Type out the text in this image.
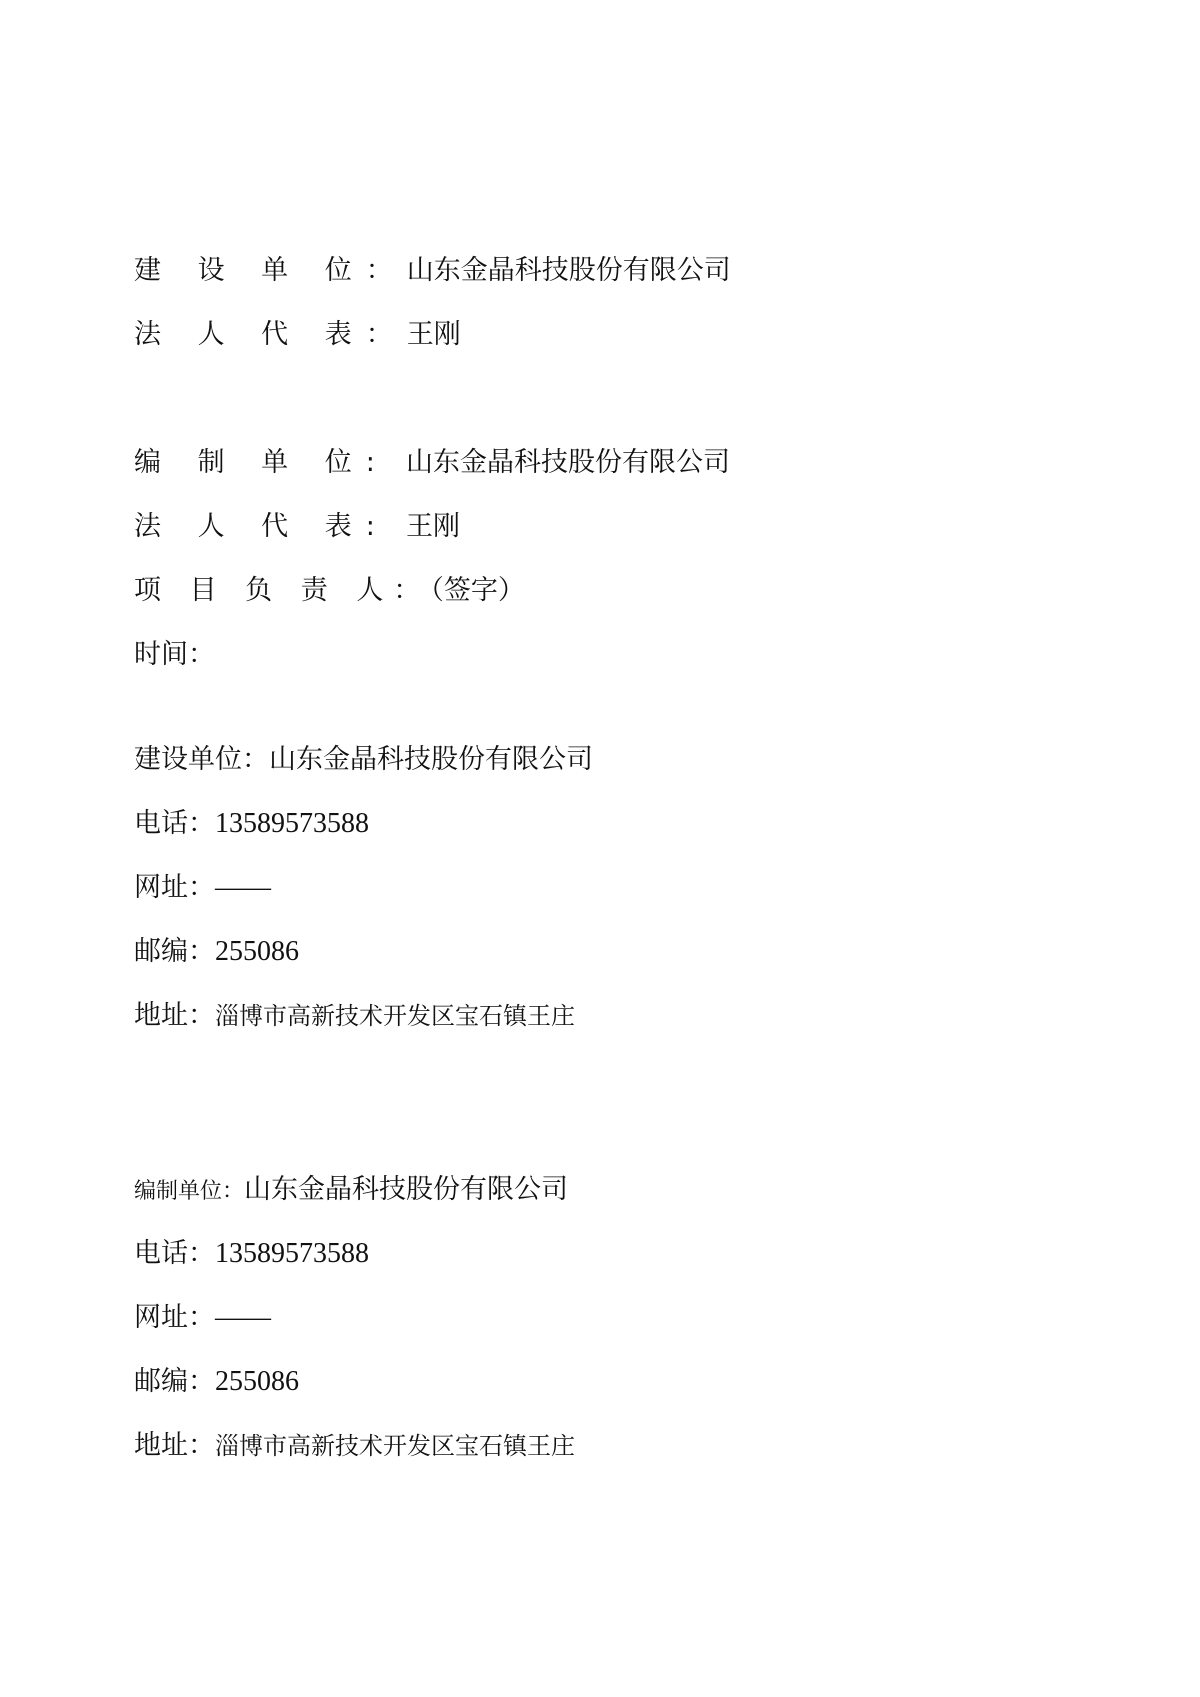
建 设 单 位：山东金晶科技股份有限公司
法 人 代 表：王刚
编 制 单 位: 山东金晶科技股份有限公司
法 人 代 表: 王刚
项 目 负 责 人：（签字）
时间：
建设单位：山东金晶科技股份有限公司
电话：13589573588
网址：——
邮编：255086
地址：淄博市高新技术开发区宝石镇王庄
编制单位：山东金晶科技股份有限公司
电话：13589573588
网址：——
邮编：255086
地址：淄博市高新技术开发区宝石镇王庄
